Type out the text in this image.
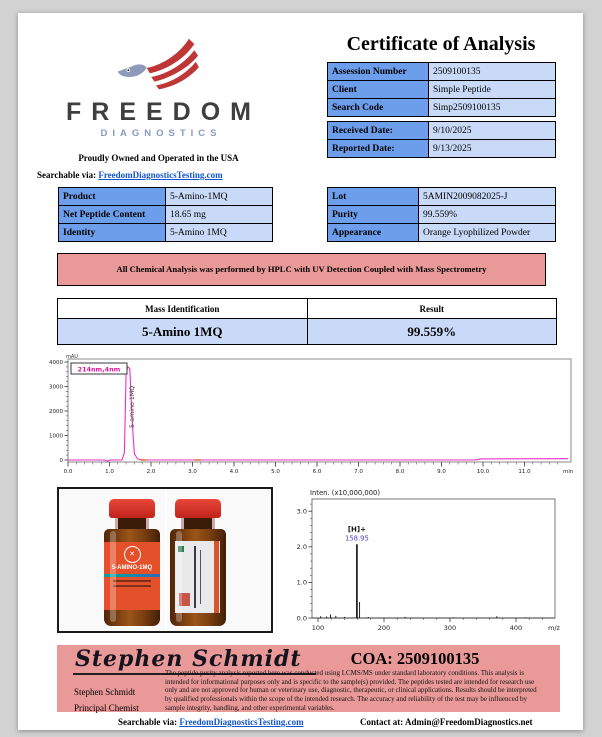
FREEDOM
DIAGNOSTICS
Proudly Owned and Operated in the USA
Searchable via: FreedomDiagnosticsTesting.com
Certificate of Analysis
Assession Number	2509100135
Client	Simple Peptide
Search Code	Simp2509100135
Received Date:	9/10/2025
Reported Date:	9/13/2025
Product	5-Amino-1MQ
Net Peptide Content	18.65 mg
Identity	5-Amino 1MQ
Lot	5AMIN2009082025-J
Purity	99.559%
Appearance	Orange Lyophilized Powder
All Chemical Analysis was performed by HPLC with UV Detection Coupled with Mass Spectrometry
Mass Identification	Result
5-Amino 1MQ	99.559%
mAU
0
1000
2000
3000
4000
0.0	1.0	2.0	3.0	4.0	5.0	6.0	7.0	8.0	9.0	10.0	11.0	min
214nm,4nm
5-amino 1MQ
✕
5-AMINO-1MQ
Inten. (x10,000,000)
0.0
1.0
2.0
3.0
100	200	300	400	m/z
[H]+
158.95
Stephen Schmidt
Stephen Schmidt
Principal Chemist
COA: 2509100135
The peptide purity analysis reported here was conducted using LCMS/MS under standard laboratory conditions. This analysis is intended for informational purposes only and is specific to the sample(s) provided. The peptides tested are intended for research use only and are not approved for human or veterinary use, diagnostic, therapeutic, or clinical applications. Results should be interpreted by qualified professionals within the scope of the intended research. The accuracy and reliability of the test may be influenced by sample integrity, handling, and other experimental variables.
Searchable via: FreedomDiagnosticsTesting.com	Contact at: Admin@FreedomDiagnostics.net
